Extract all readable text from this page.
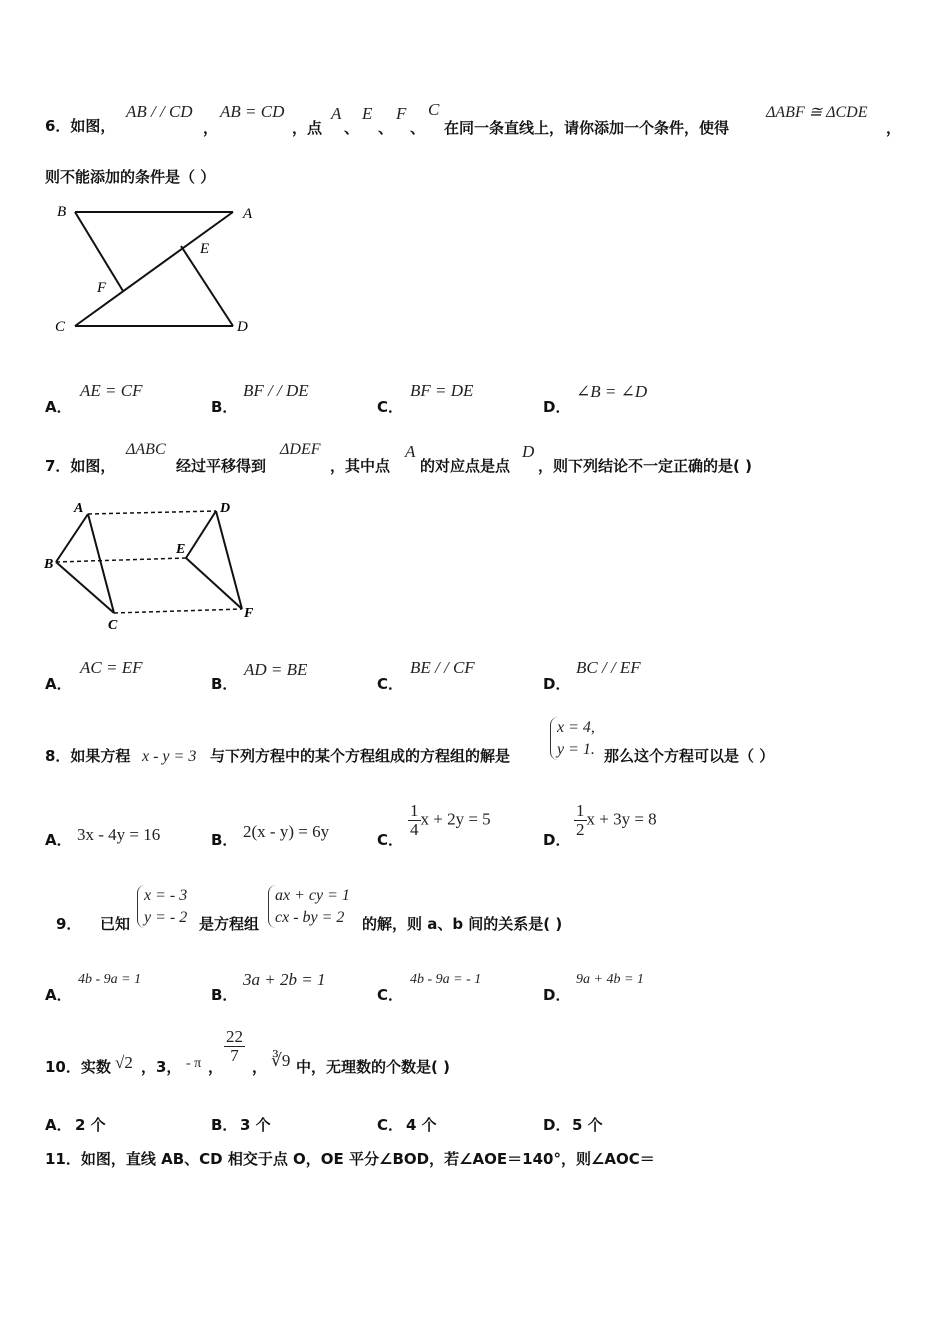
6．如图，
AB / / CD
，
AB = CD
，点
A
、
E
、
F
、
C
在同一条直线上，请你添加一个条件，使得
ΔABF ≅ ΔCDE
，
则不能添加的条件是（ ）
B	A
E
F
C	D
A．
AE = CF
B．
BF / / DE
C．
BF = DE
D．
∠B = ∠D
7．如图，
ΔABC
经过平移得到
ΔDEF
，其中点
A
的对应点是点
D
，则下列结论不一定正确的是( )
A	D
B
E
C
F
A．
AC = EF
B．
AD = BE
C．
BE / / CF
D．
BC / / EF
8．如果方程 x - y = 3 与下列方程中的某个方程组成的方程组的解是
x = 4,
y = 1. 那么这个方程可以是（ ）
A． 3x - 4y = 16	B． 2(x - y) = 6y	C．
$\frac{1}{4}$ x + 2y = 5
D．
$\frac{1}{2}$ x + 3y = 8
9． 已知
x = - 3
y = - 2 是方程组
ax + cy = 1
cx - by = 2	的解，则 a、b 间的关系是( )
A．
4b - 9a = 1
B．
3a + 2b = 1
C．
4b - 9a = - 1
D．
9a + 4b = 1
10．实数 √2 ，3， - π ，
$\frac{22}{7}$
， ∛9 中，无理数的个数是( )
A． 2 个	B． 3 个	C． 4 个	D． 5 个
11．如图，直线 AB、CD 相交于点 O，OE 平分∠BOD，若∠AOE＝140°，则∠AOC＝
